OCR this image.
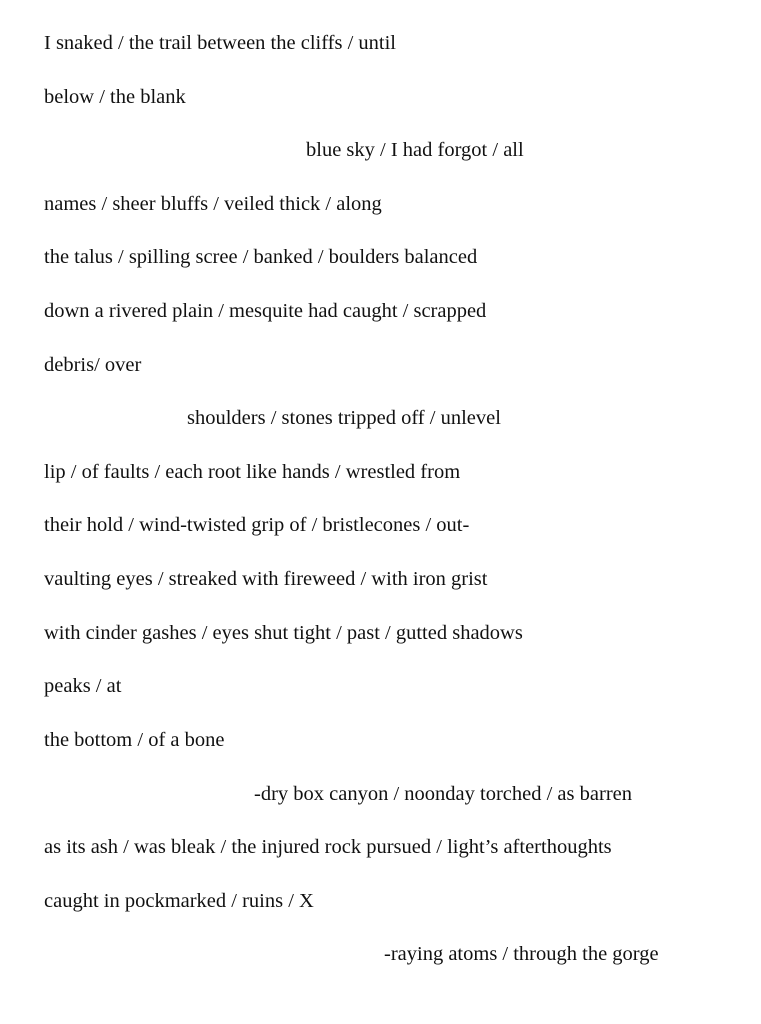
I snaked / the trail between the cliffs / until
below / the blank
blue sky / I had forgot / all
names / sheer bluffs / veiled thick / along
the talus / spilling scree / banked / boulders balanced
down a rivered plain / mesquite had caught / scrapped
debris/ over
shoulders / stones tripped off / unlevel
lip / of faults / each root like hands / wrestled from
their hold / wind-twisted grip of / bristlecones / out-
vaulting eyes / streaked with fireweed / with iron grist
with cinder gashes / eyes shut tight / past / gutted shadows
peaks / at
the bottom / of a bone
-dry box canyon / noonday torched / as barren
as its ash / was bleak / the injured rock pursued / light’s afterthoughts
caught in pockmarked / ruins / X
-raying atoms / through the gorge
